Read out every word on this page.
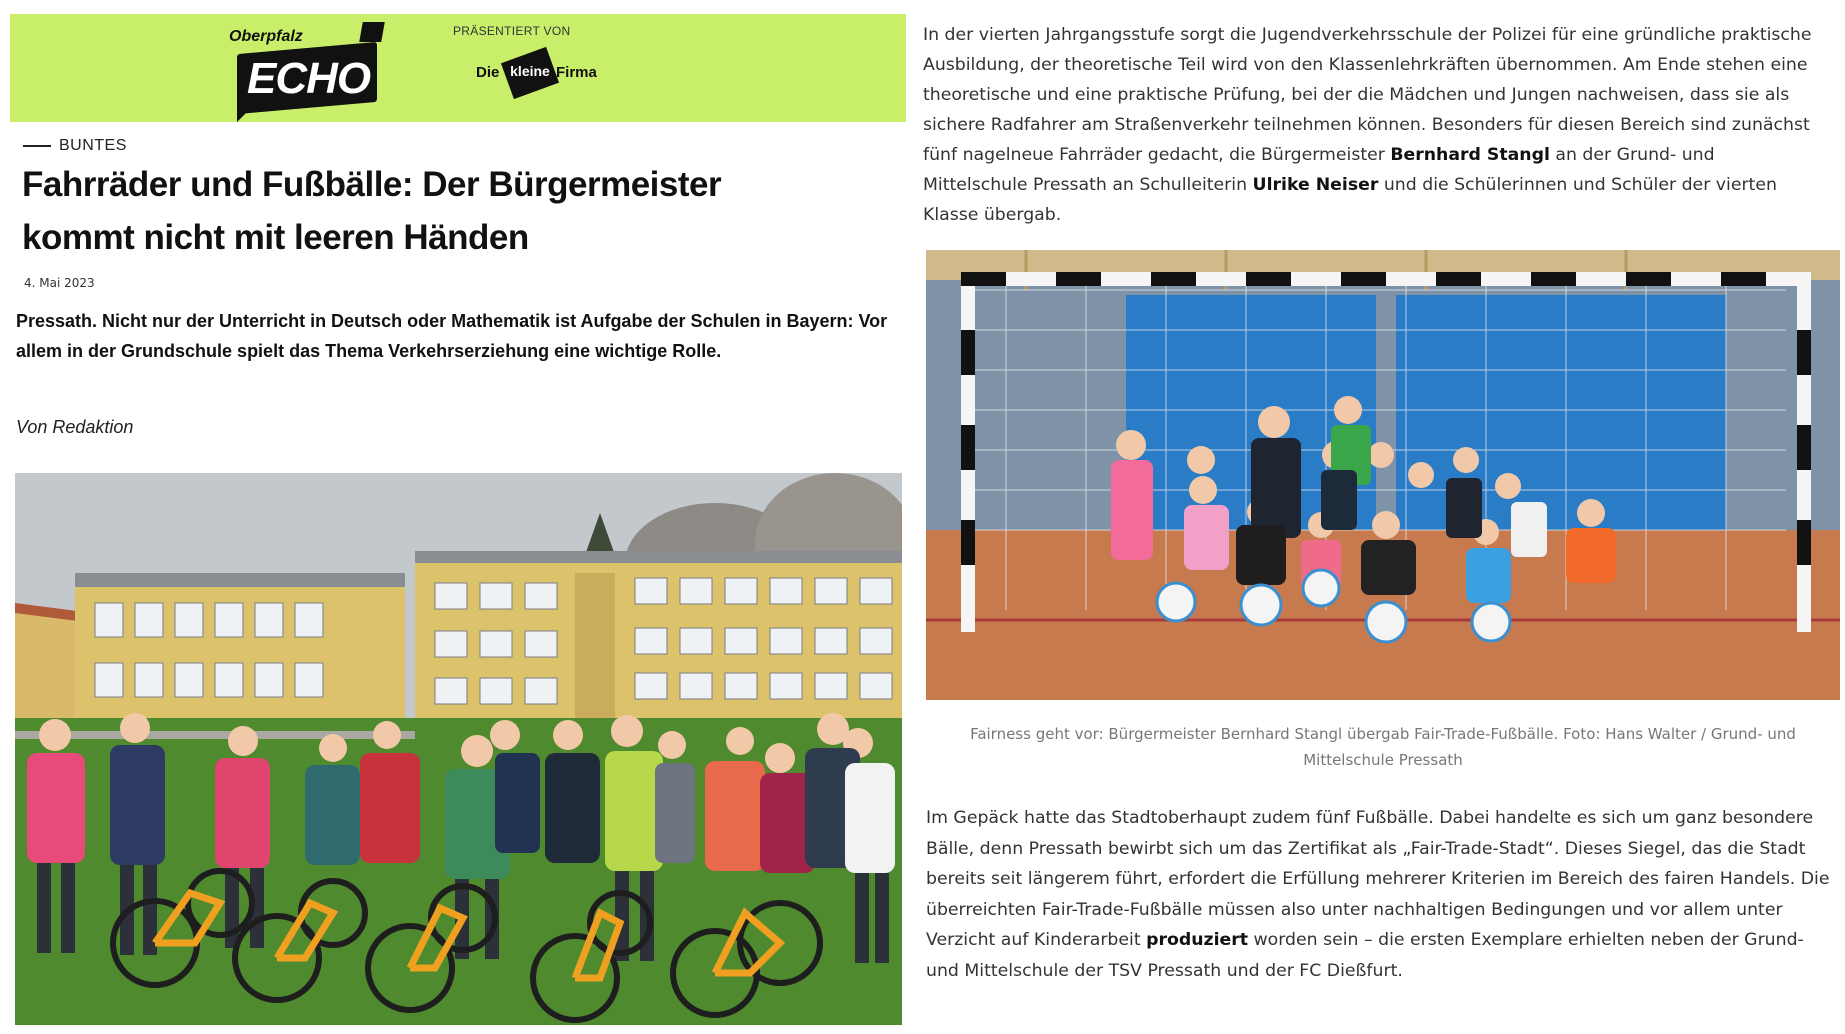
Oberpfalz
ECHO
PRÄSENTIERT VON
Die kleine Firma
BUNTES
Fahrräder und Fußbälle: Der Bürgermeister
kommt nicht mit leeren Händen
4. Mai 2023
Pressath. Nicht nur der Unterricht in Deutsch oder Mathematik ist Aufgabe der Schulen in Bayern: Vor allem in der Grundschule spielt das Thema Verkehrserziehung eine wichtige Rolle.
Von Redaktion
In der vierten Jahrgangsstufe sorgt die Jugendverkehrsschule der Polizei für eine gründliche praktische Ausbildung, der theoretische Teil wird von den Klassenlehrkräften übernommen. Am Ende stehen eine theoretische und eine praktische Prüfung, bei der die Mädchen und Jungen nachweisen, dass sie als sichere Radfahrer am Straßenverkehr teilnehmen können. Besonders für diesen Bereich sind zunächst fünf nagelneue Fahrräder gedacht, die Bürgermeister Bernhard Stangl an der Grund- und Mittelschule Pressath an Schulleiterin Ulrike Neiser und die Schülerinnen und Schüler der vierten Klasse übergab.
Fairness geht vor: Bürgermeister Bernhard Stangl übergab Fair-Trade-Fußbälle. Foto: Hans Walter / Grund- und Mittelschule Pressath
Im Gepäck hatte das Stadtoberhaupt zudem fünf Fußbälle. Dabei handelte es sich um ganz besondere Bälle, denn Pressath bewirbt sich um das Zertifikat als „Fair-Trade-Stadt“. Dieses Siegel, das die Stadt bereits seit längerem führt, erfordert die Erfüllung mehrerer Kriterien im Bereich des fairen Handels. Die überreichten Fair-Trade-Fußbälle müssen also unter nachhaltigen Bedingungen und vor allem unter Verzicht auf Kinderarbeit produziert worden sein – die ersten Exemplare erhielten neben der Grund- und Mittelschule der TSV Pressath und der FC Dießfurt.
